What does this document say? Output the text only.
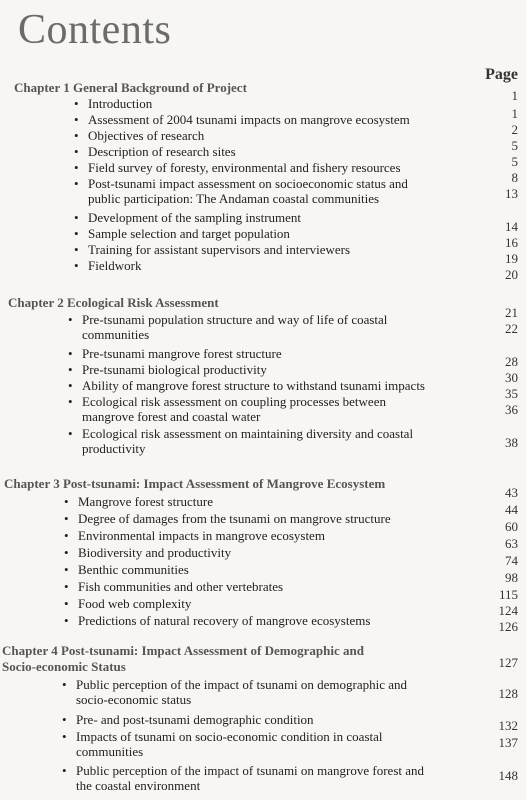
Contents
Page
Chapter 1 General Background of Project
• Introduction
• Assessment of 2004 tsunami impacts on mangrove ecosystem
• Objectives of research
• Description of research sites
• Field survey of foresty, environmental and fishery resources
• Post-tsunami impact assessment on socioeconomic status and public participation: The Andaman coastal communities
• Development of the sampling instrument
• Sample selection and target population
• Training for assistant supervisors and interviewers
• Fieldwork
1
1
2
5
5
8
13
14
16
19
20
Chapter 2 Ecological Risk Assessment
• Pre-tsunami population structure and way of life of coastal communities
• Pre-tsunami mangrove forest structure
• Pre-tsunami biological productivity
• Ability of mangrove forest structure to withstand tsunami impacts
• Ecological risk assessment on coupling processes between mangrove forest and coastal water
• Ecological risk assessment on maintaining diversity and coastal productivity
21
22
28
30
35
36
38
Chapter 3 Post-tsunami: Impact Assessment of Mangrove Ecosystem
• Mangrove forest structure
• Degree of damages from the tsunami on mangrove structure
• Environmental impacts in mangrove ecosystem
• Biodiversity and productivity
• Benthic communities
• Fish communities and other vertebrates
• Food web complexity
• Predictions of natural recovery of mangrove ecosystems
43
44
60
63
74
98
115
124
126
Chapter 4 Post-tsunami: Impact Assessment of Demographic and Socio-economic Status
• Public perception of the impact of tsunami on demographic and socio-economic status
• Pre- and post-tsunami demographic condition
• Impacts of tsunami on socio-economic condition in coastal communities
• Public perception of the impact of tsunami on mangrove forest and the coastal environment
127
128
132
137
148
